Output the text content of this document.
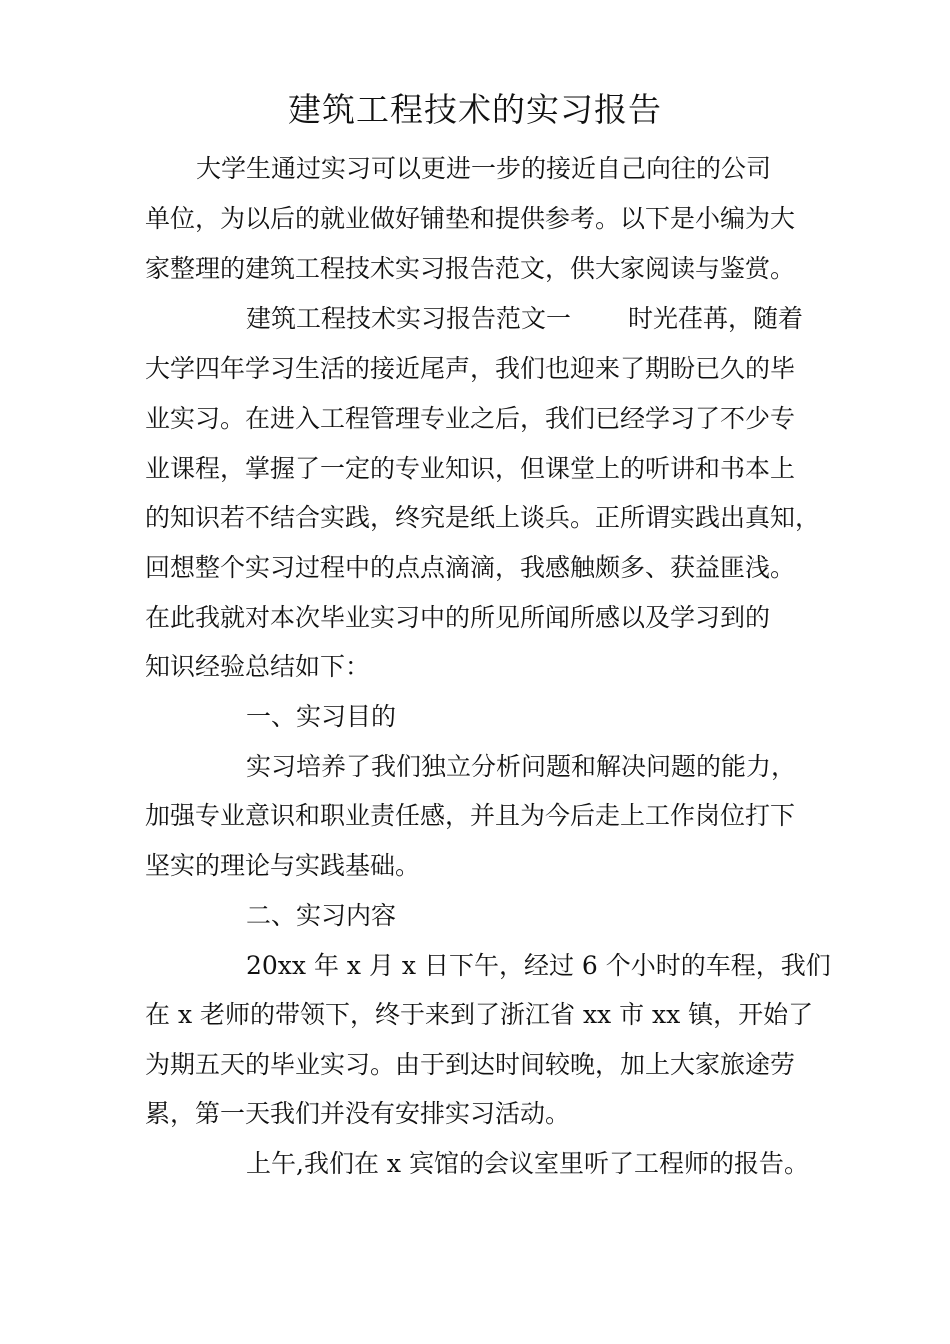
建筑工程技术的实习报告
大学生通过实习可以更进一步的接近自己向往的公司
单位，为以后的就业做好铺垫和提供参考。以下是小编为大
家整理的建筑工程技术实习报告范文，供大家阅读与鉴赏。
建筑工程技术实习报告范文一 时光荏苒，随着
大学四年学习生活的接近尾声，我们也迎来了期盼已久的毕
业实习。在进入工程管理专业之后，我们已经学习了不少专
业课程，掌握了一定的专业知识，但课堂上的听讲和书本上
的知识若不结合实践，终究是纸上谈兵。正所谓实践出真知，
回想整个实习过程中的点点滴滴，我感触颇多、获益匪浅。
在此我就对本次毕业实习中的所见所闻所感以及学习到的
知识经验总结如下：
一、实习目的
实习培养了我们独立分析问题和解决问题的能力，
加强专业意识和职业责任感，并且为今后走上工作岗位打下
坚实的理论与实践基础。
二、实习内容
20xx 年 x 月 x 日下午，经过 6 个小时的车程，我们
在 x 老师的带领下，终于来到了浙江省 xx 市 xx 镇，开始了
为期五天的毕业实习。由于到达时间较晚，加上大家旅途劳
累，第一天我们并没有安排实习活动。
上午,我们在 x 宾馆的会议室里听了工程师的报告。
